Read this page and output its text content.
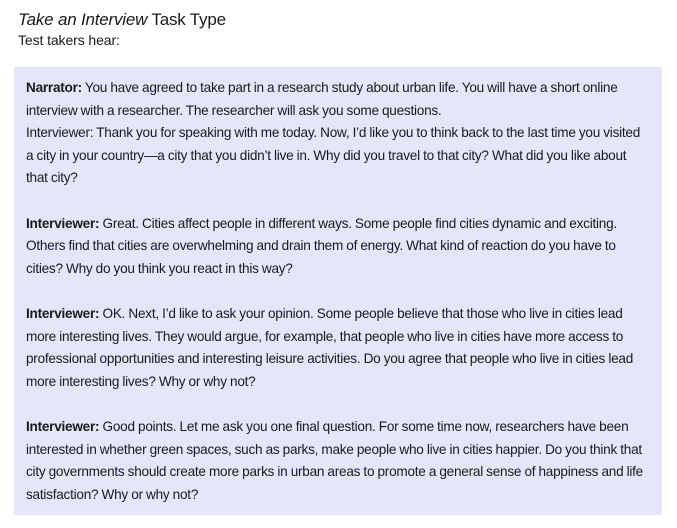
Take an Interview Task Type
Test takers hear:

Narrator: You have agreed to take part in a research study about urban life. You will have a short online interview with a researcher. The researcher will ask you some questions.

Interviewer: Thank you for speaking with me today. Now, I’d like you to think back to the last time you visited a city in your country—a city that you didn’t live in. Why did you travel to that city? What did you like about that city?

Interviewer: Great. Cities affect people in different ways. Some people find cities dynamic and exciting. Others find that cities are overwhelming and drain them of energy. What kind of reaction do you have to cities? Why do you think you react in this way?

Interviewer: OK. Next, I’d like to ask your opinion. Some people believe that those who live in cities lead more interesting lives. They would argue, for example, that people who live in cities have more access to professional opportunities and interesting leisure activities. Do you agree that people who live in cities lead more interesting lives? Why or why not?

Interviewer: Good points. Let me ask you one final question. For some time now, researchers have been interested in whether green spaces, such as parks, make people who live in cities happier. Do you think that city governments should create more parks in urban areas to promote a general sense of happiness and life satisfaction? Why or why not?
